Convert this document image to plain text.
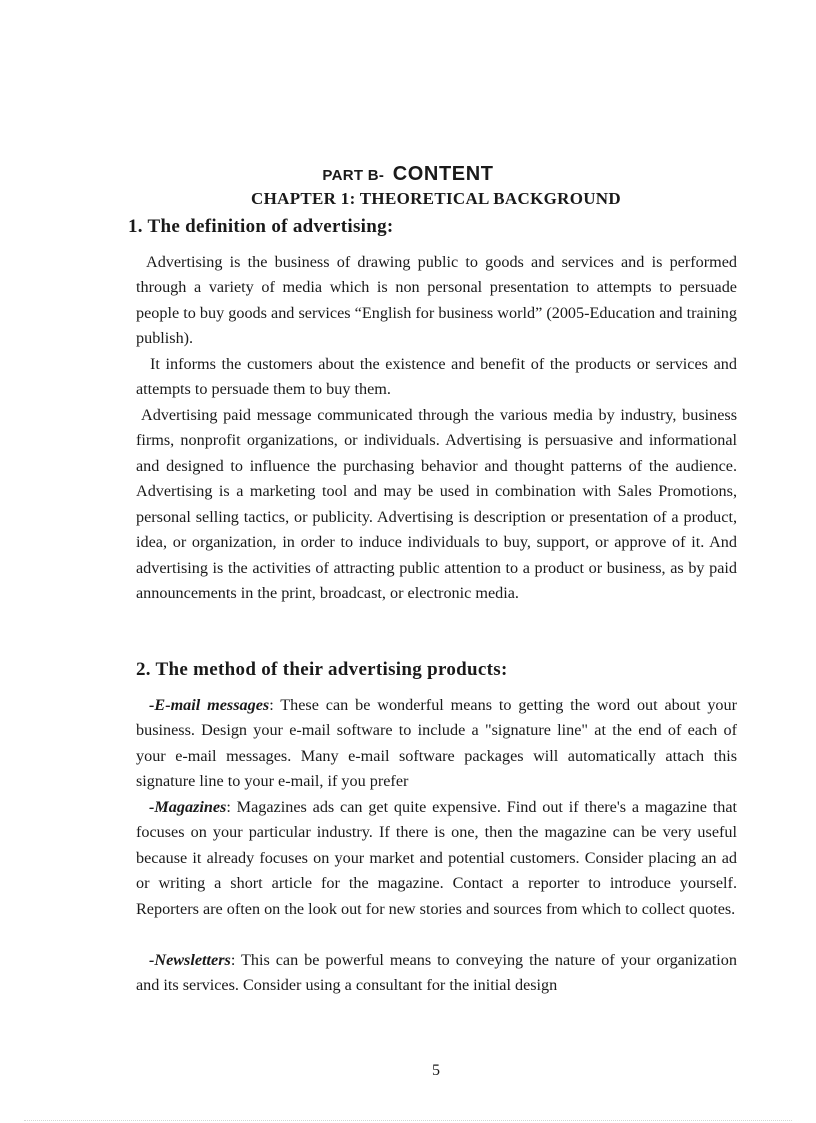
PART B- CONTENT
CHAPTER 1: THEORETICAL BACKGROUND
1. The definition of advertising:
Advertising is the business of drawing public to goods and services and is performed through a variety of media which is non personal presentation to attempts to persuade people to buy goods and services “English for business world” (2005-Education and training publish).
It informs the customers about the existence and benefit of the products or services and attempts to persuade them to buy them.
Advertising paid message communicated through the various media by industry, business firms, nonprofit organizations, or individuals. Advertising is persuasive and informational and designed to influence the purchasing behavior and thought patterns of the audience. Advertising is a marketing tool and may be used in combination with Sales Promotions, personal selling tactics, or publicity. Advertising is description or presentation of a product, idea, or organization, in order to induce individuals to buy, support, or approve of it. And advertising is the activities of attracting public attention to a product or business, as by paid announcements in the print, broadcast, or electronic media.
2. The method of their advertising products:
-E-mail messages: These can be wonderful means to getting the word out about your business. Design your e-mail software to include a "signature line" at the end of each of your e-mail messages. Many e-mail software packages will automatically attach this signature line to your e-mail, if you prefer
-Magazines: Magazines ads can get quite expensive. Find out if there's a magazine that focuses on your particular industry. If there is one, then the magazine can be very useful because it already focuses on your market and potential customers. Consider placing an ad or writing a short article for the magazine. Contact a reporter to introduce yourself. Reporters are often on the look out for new stories and sources from which to collect quotes.
-Newsletters: This can be powerful means to conveying the nature of your organization and its services. Consider using a consultant for the initial design
5
